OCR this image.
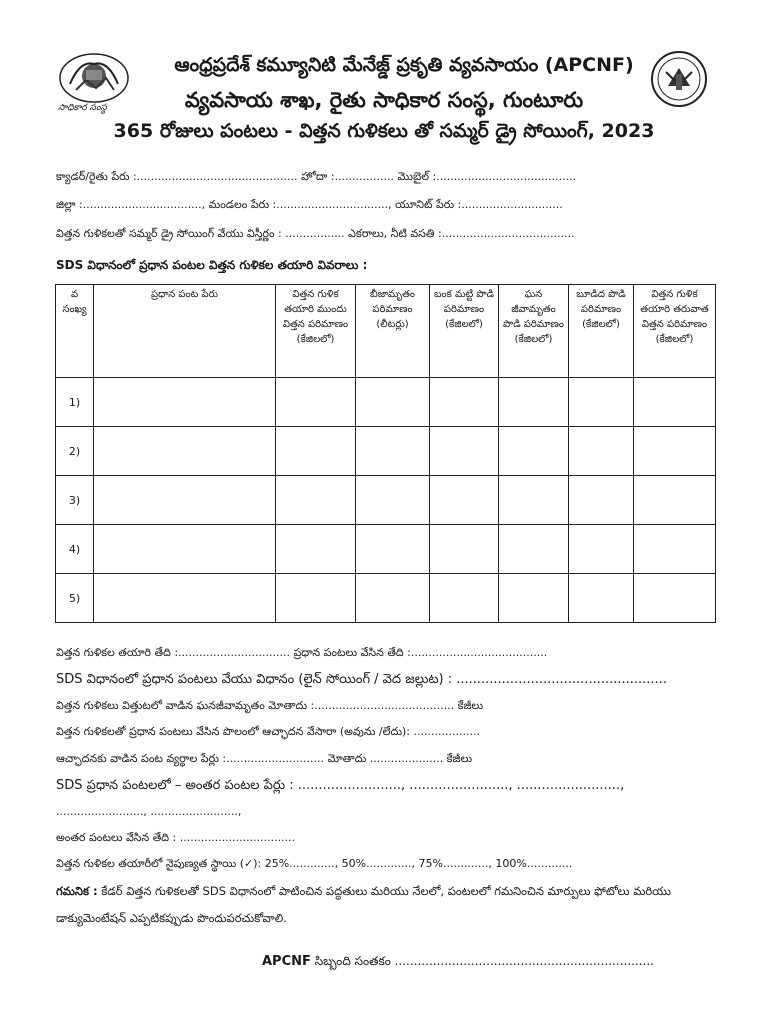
సాధికార సంస్థ
ఆంధ్రప్రదేశ్ కమ్యూనిటి మేనేజ్డ్ ప్రకృతి వ్యవసాయం (APCNF)
వ్యవసాయ శాఖ, రైతు సాధికార సంస్థ, గుంటూరు
365 రోజులు పంటలు - విత్తన గుళికలు తో సమ్మర్ డ్రై సోయింగ్, 2023
క్యాడర్/రైతు పేరు :.............................................. హోదా :................. మొబైల్ :........................................
జిల్లా :.................................., మండలం పేరు :................................, యూనిట్ పేరు :.............................
విత్తన గుళికలతో సమ్మర్ డ్రై సోయింగ్ వేయు విస్తీర్ణం : ................. ఎకరాలు, నీటి వసతి :......................................
SDS విధానంలో ప్రధాన పంటల విత్తన గుళికల తయారి వివరాలు :
వ సంఖ్య	ప్రధాన పంట పేరు	విత్తన గుళిక తయారి ముందు విత్తన పరిమాణం (కేజిలలో)	బీజామృతం పరిమాణం (లీటర్లు)	బంక మట్టి పొడి పరిమాణం (కేజిలలో)	ఘన జీవామృతం పొడి పరిమాణం (కేజిలలో)	బూడిద పొడి పరిమాణం (కేజిలలో)	విత్తన గుళిక తయారి తరువాత విత్తన పరిమాణం (కేజిలలో)
1)							
2)							
3)							
4)							
5)							
విత్తన గుళికల తయారి తేది :................................ ప్రధాన పంటలు వేసిన తేది :.......................................
SDS విధానంలో ప్రధాన పంటలు వేయు విధానం (లైన్ సోయింగ్ / వెద జల్లుట) : ...................................................
విత్తన గుళికలు విత్తుటలో వాడిన ఘనజీవామృతం మోతాదు :........................................ కేజీలు
విత్తన గుళికలతో ప్రధాన పంటలు వేసిన పొలంలో ఆచ్ఛాదన వేసారా (అవును /లేదు): ...................
ఆచ్ఛాదనకు వాడిన పంట వ్యర్థాల పేర్లు :............................ మోతాదు ..................... కేజీలు
SDS ప్రధాన పంటలలో – అంతర పంటల పేర్లు : ........................., ........................, .........................,
........................., .........................,
అంతర పంటలు వేసిన తేది : .................................
విత్తన గుళికల తయారీలో నైపుణ్యత స్థాయి (✓): 25%............., 50%............., 75%............., 100%.............
గమనిక : కేడర్ విత్తన గుళికలతో SDS విధానంలో పాటించిన పద్ధతులు మరియు నేలలో, పంటలలో గమనించిన మార్పులు ఫోటోలు మరియు డాక్యుమెంటేషన్ ఎప్పటికప్పుడు పొందుపరచుకోవాలి.
APCNF సిబ్బంది సంతకం ....................................................................
